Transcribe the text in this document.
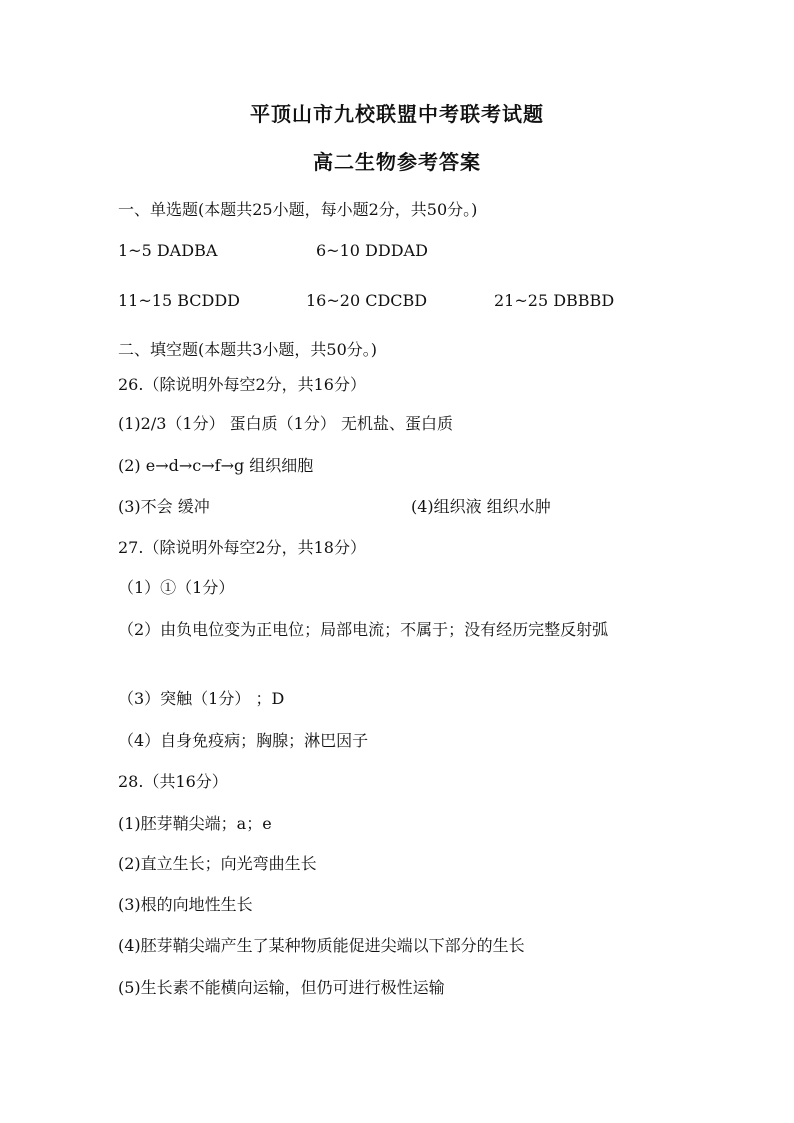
平顶山市九校联盟中考联考试题
高二生物参考答案
一、单选题(本题共25小题，每小题2分，共50分。)
1~5 DADBA	6~10 DDDAD
11~15 BCDDD	16~20 CDCBD	21~25 DBBBD
二、填空题(本题共3小题，共50分。)
26.（除说明外每空2分，共16分）
(1)2/3（1分） 蛋白质（1分） 无机盐、蛋白质
(2) e→d→c→f→g 组织细胞
(3)不会 缓冲	(4)组织液 组织水肿
27.（除说明外每空2分，共18分）
（1）①（1分）
（2）由负电位变为正电位；局部电流；不属于；没有经历完整反射弧
（3）突触（1分） ；D
（4）自身免疫病；胸腺；淋巴因子
28.（共16分）
(1)胚芽鞘尖端；a；e
(2)直立生长；向光弯曲生长
(3)根的向地性生长
(4)胚芽鞘尖端产生了某种物质能促进尖端以下部分的生长
(5)生长素不能横向运输，但仍可进行极性运输
